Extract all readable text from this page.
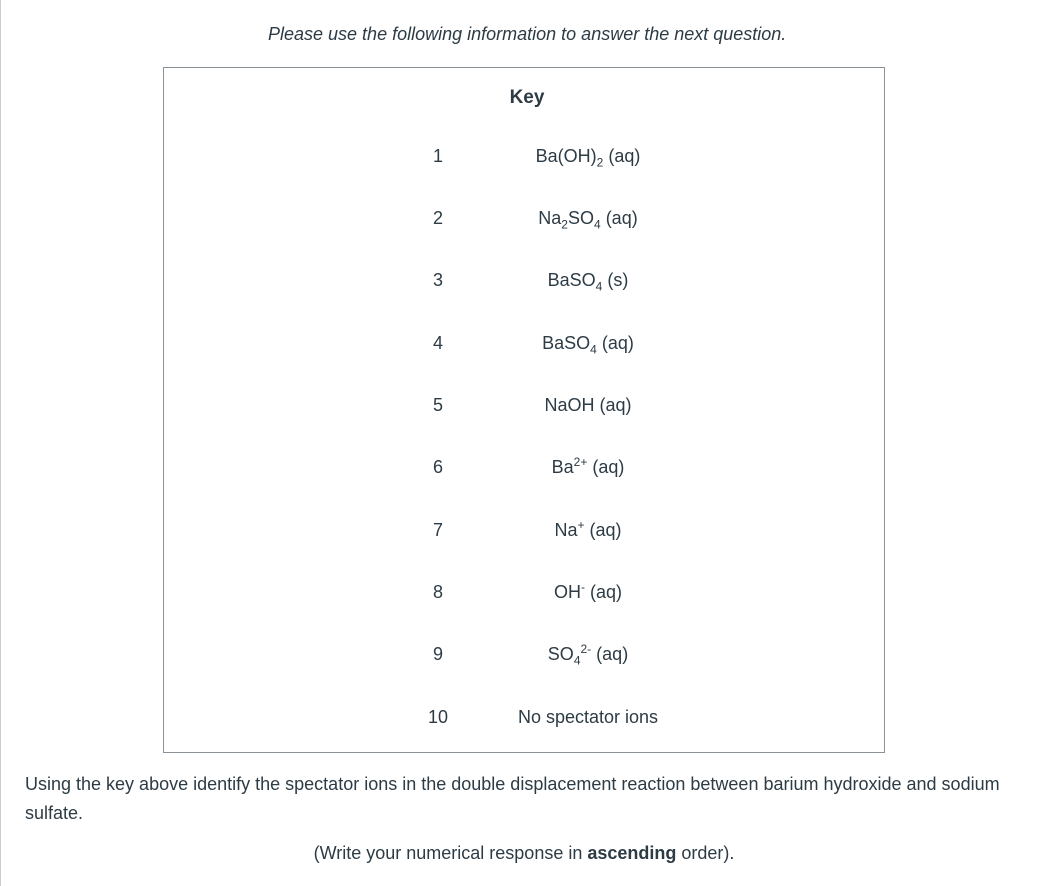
Please use the following information to answer the next question.
Key
1	$Ba(OH)_2$ (aq)
2	$Na_2SO_4$ (aq)
3	BaSO$_4$ (s)
4	BaSO$_4$ (aq)
5	NaOH (aq)
6	$Ba^{2+}$ (aq)
7	Na+ (aq)
8	OH- (aq)
9	$SO_4^{2-}$ (aq)
10	No spectator ions
Using the key above identify the spectator ions in the double displacement reaction between barium hydroxide and sodium sulfate.
(Write your numerical response in ascending order).
